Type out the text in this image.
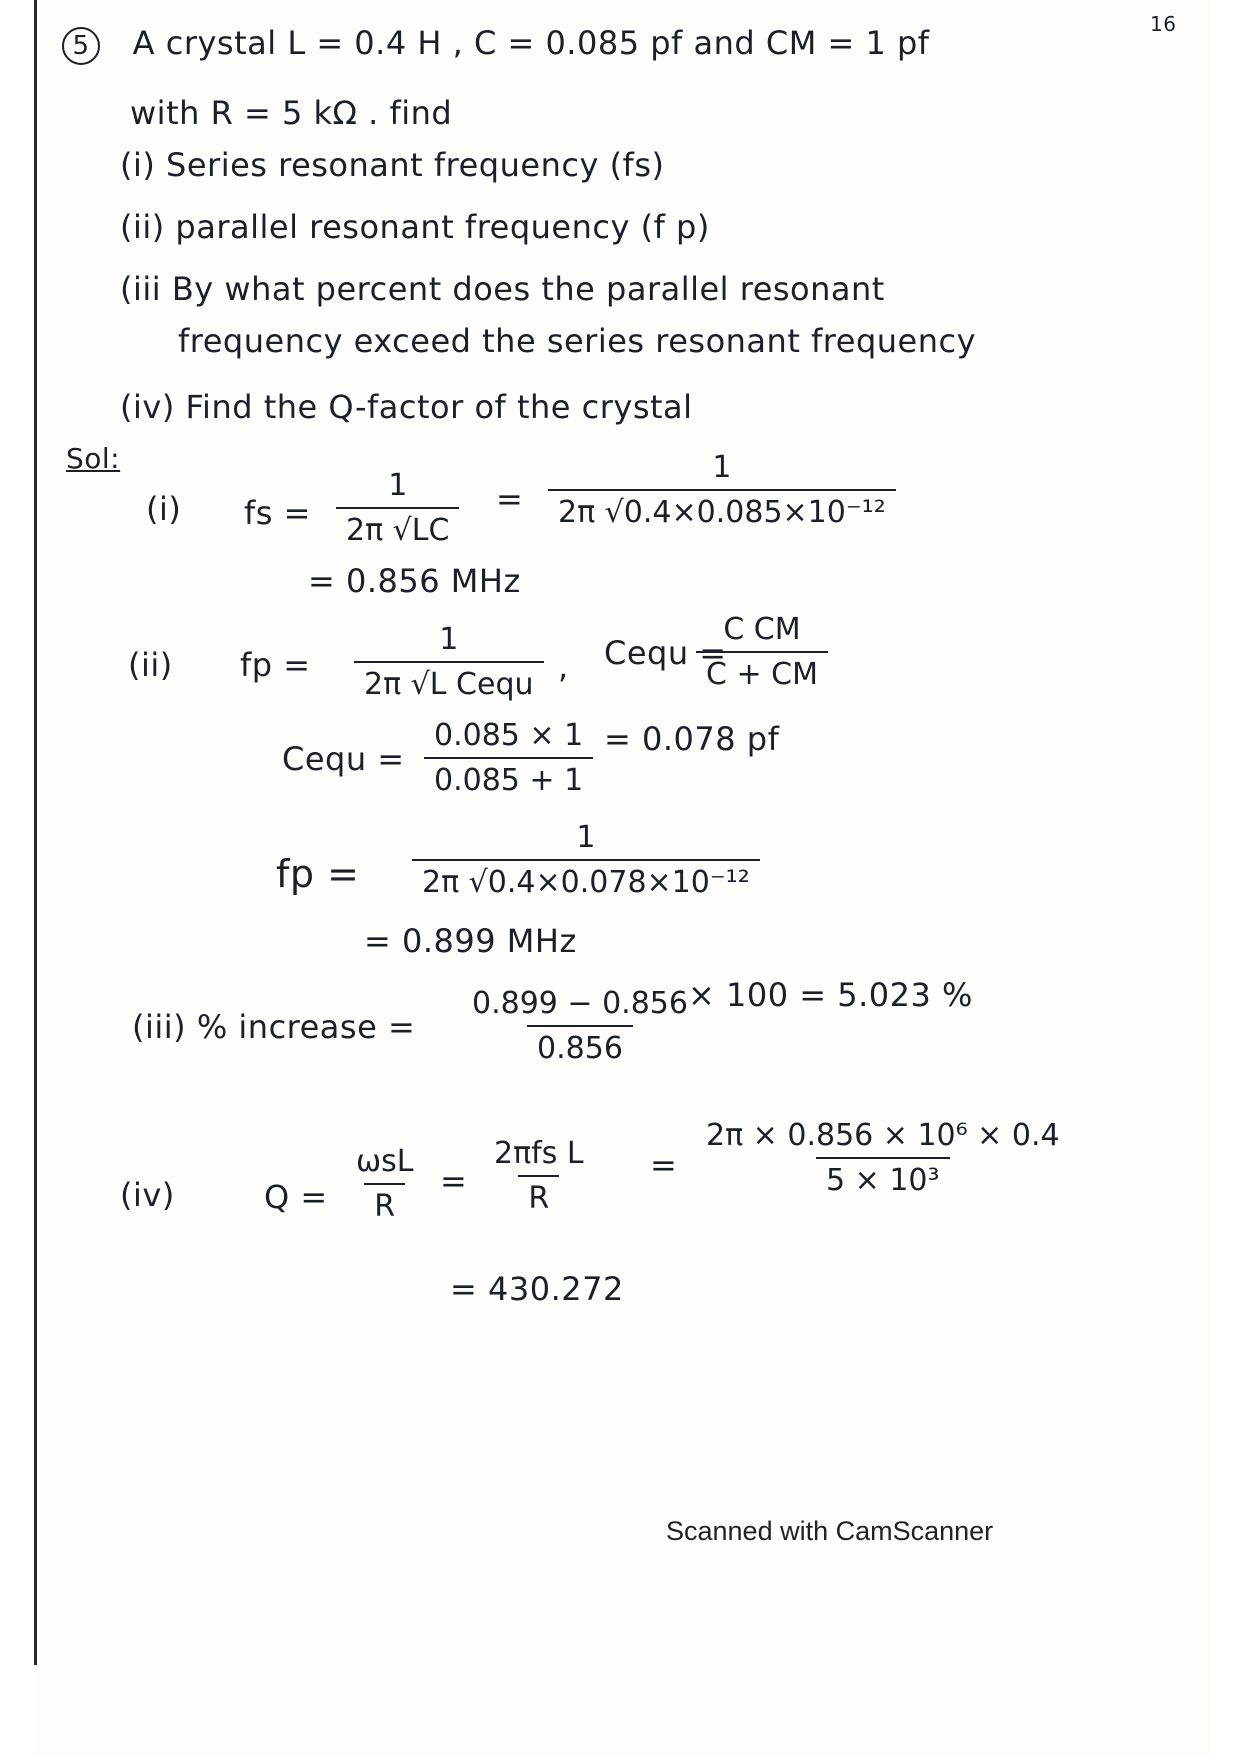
16
5 A crystal L = 0.4 H , C = 0.085 pf and CM = 1 pf
with R = 5 kΩ . find
(i) Series resonant frequency (fs)
(ii) parallel resonant frequency (f p)
(iii By what percent does the parallel resonant
frequency exceed the series resonant frequency
(iv) Find the Q-factor of the crystal
Sol:
(i) fs = $\frac{1}{2\pi √LC} = \frac{1}{\text{2π √0.4×0.085×10⁻¹²}}$
= 0.856 MHz
(ii) fp =
1
2π √L Cequ , Cequ =
$\frac{\text{C CM}}{C + CM}$
Cequ = $\frac{0.085 \times 1}{0.085 + 1} = 0.078$ pf
fp = $\frac{1}{\text{2π √0.4×0.078×10⁻¹²}}$
= 0.899 MHz
(iii) % increase = $\frac{0.899 - 0.856}{0.856}$
× 100 = 5.023 %
(iv)	Q =
ωsL
R
=
2πfs L
R
= $\frac{\text{2π × 0.856 × 10⁶ × 0.4}}{\text{5 × 10³}}$
= 430.272
Scanned with CamScanner
